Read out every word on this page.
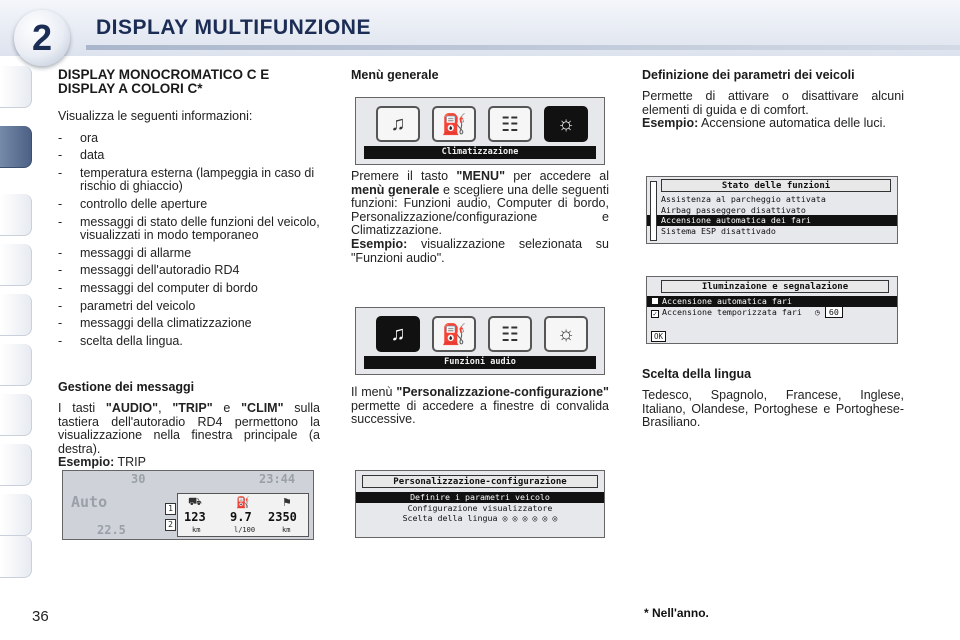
2	DISPLAY MULTIFUNZIONE
DISPLAY MONOCROMATICO C E DISPLAY A COLORI C*
Visualizza le seguenti informazioni:
- ora
- data
- temperatura esterna (lampeggia in caso di rischio di ghiaccio)
- controllo delle aperture
- messaggi di stato delle funzioni del veicolo, visualizzati in modo temporaneo
- messaggi di allarme
- messaggi dell'autoradio RD4
- messaggi del computer di bordo
- parametri del veicolo
- messaggi della climatizzazione
- scelta della lingua.
Gestione dei messaggi
I tasti "AUDIO", "TRIP" e "CLIM" sulla tastiera dell'autoradio RD4 permettono la visualizzazione nella finestra principale (a destra).
Esempio: TRIP
30	23:44
Auto
22.5
1
2
⛟	⛽	⚑
123 9.7 2350
km	l/100	km
Menù generale
♫	⛽	☷	☼
Climatizzazione
Premere il tasto "MENU" per accedere al menù generale e scegliere una delle seguenti funzioni: Funzioni audio, Computer di bordo, Personalizzazione/configurazione e Climatizzazione.
Esempio: visualizzazione selezionata su "Funzioni audio".
♫	⛽	☷	☼
Funzioni audio
Il menù "Personalizzazione-configurazione" permette di accedere a finestre di convalida successive.
Personalizzazione-configurazione
Definire i parametri veicolo
Configurazione visualizzatore
Scelta della lingua ◎ ◎ ◎ ◎ ◎ ◎
Definizione dei parametri dei veicoli
Permette di attivare o disattivare alcuni elementi di guida e di comfort.
Esempio: Accensione automatica delle luci.
Stato delle funzioni
Assistenza al parcheggio attivata
Airbag passeggero disattivato
Accensione automatica dei fari
Sistema ESP disattivado
Iluminzaione e segnalazione
Accensione automatica fari
✓ Accensione temporizzata fari ◷ 60
OK
Scelta della lingua
Tedesco, Spagnolo, Francese, Inglese, Italiano, Olandese, Portoghese e Portoghese-Brasiliano.
36	* Nell'anno.
